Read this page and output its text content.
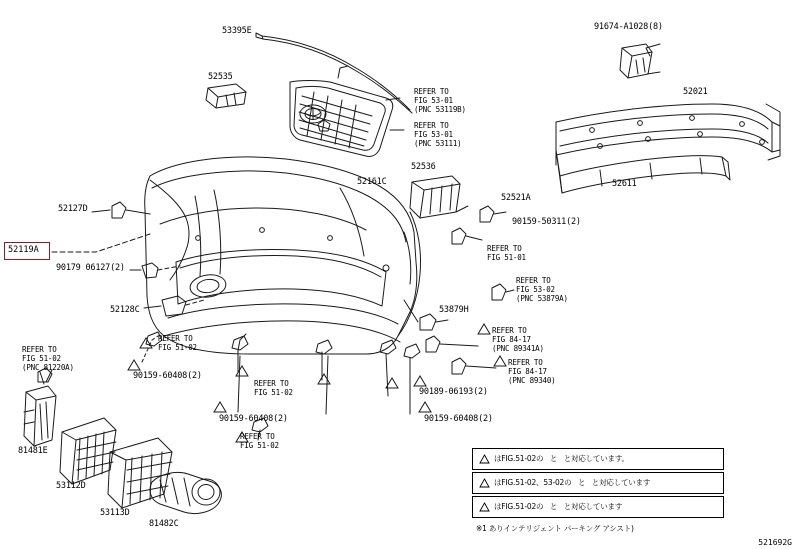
53395E
52535
91674-A1028(8)
52021
52611
52536
52161C
52521A
90159-50311(2)
52127D
90179 06127(2)
52128C	53879H
81481E
53112D
53113D
81482C
90159-60408(2)
90159-60408(2)	90159-60408(2)
90189-06193(2)
REFER TO
FIG 53-01
(PNC 53119B)
REFER TO
FIG 53-01
(PNC 53111)
REFER TO
FIG 51-01
REFER TO
FIG 53-02
(PNC 53879A)
REFER TO
FIG 84-17
(PNC 89341A)
REFER TO
FIG 84-17
(PNC 89340)
REFER TO
FIG 51-02
REFER TO
FIG 51-02
REFER TO
FIG 51-02

REFER TO
FIG 51-02
(PNC 81220A)
52119A
はFIG.51-02の   と   と対応しています。
はFIG.51-02、53-02の   と   と対応しています
はFIG.51-02の   と   と対応しています
※1 ありインテリジェント パーキング アシスト)
521692G
